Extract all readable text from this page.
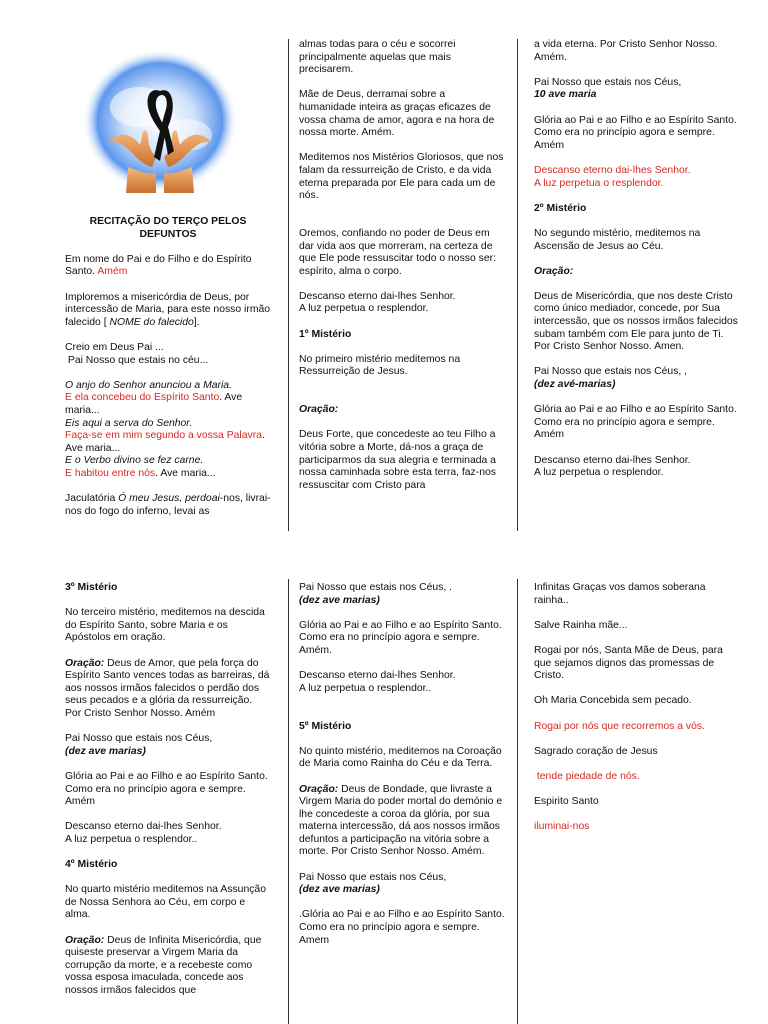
RECITAÇÃO DO TERÇO PELOS DEFUNTOS

Em nome do Pai e do Filho e do Espírito Santo. Amém

Imploremos a misericórdia de Deus, por intercessão de Maria, para este nosso irmão falecido [ NOME do falecido].

Creio em Deus Pai ...
Pai Nosso que estais no céu...

O anjo do Senhor anunciou a Maria.
E ela concebeu do Espírito Santo. Ave maria...
Eis aqui a serva do Senhor.
Faça-se em mim segundo a vossa Palavra. Ave maria...
E o Verbo divino se fez carne.
E habitou entre nós. Ave maria...

Jaculatória Ó meu Jesus, perdoai-nos, livrai-nos do fogo do inferno, levai as

almas todas para o céu e socorrei principalmente aquelas que mais precisarem.

Mãe de Deus, derramai sobre a humanidade inteira as graças eficazes de vossa chama de amor, agora e na hora de nossa morte. Amém.

Meditemos nos Mistérios Gloriosos, que nos falam da ressurreição de Cristo, e da vida eterna preparada por Ele para cada um de nós.

Oremos, confiando no poder de Deus em dar vida aos que morreram, na certeza de que Ele pode ressuscitar todo o nosso ser: espírito, alma o corpo.

Descanso eterno dai-lhes Senhor.
A luz perpetua o resplendor.

1º Mistério

No primeiro mistério meditemos na Ressurreição de Jesus.

Oração:

Deus Forte, que concedeste ao teu Filho a vitória sobre a Morte, dá-nos a graça de participarmos da sua alegria e terminada a nossa caminhada sobre esta terra, faz-nos ressuscitar com Cristo para

a vida eterna. Por Cristo Senhor Nosso. Amém.

Pai Nosso que estais nos Céus,
10 ave maria

Glória ao Pai e ao Filho e ao Espírito Santo.
Como era no princípio agora e sempre. Amém

Descanso eterno dai-lhes Senhor.
A luz perpetua o resplendor.

2º Mistério

No segundo mistério, meditemos na Ascensão de Jesus ao Céu.

Oração:

Deus de Misericórdia, que nos deste Cristo como único mediador, concede, por Sua intercessão, que os nossos irmãos falecidos subam também com Ele para junto de Ti. Por Cristo Senhor Nosso. Amen.

Pai Nosso que estais nos Céus, ,
(dez avé-marias)

Glória ao Pai e ao Filho e ao Espírito Santo.
Como era no princípio agora e sempre. Amém

Descanso eterno dai-lhes Senhor.
A luz perpetua o resplendor.

3º Mistério

No terceiro mistério, meditemos na descida do Espírito Santo, sobre Maria e os Apóstolos em oração.

Oração: Deus de Amor, que pela força do Espírito Santo vences todas as barreiras, dá aos nossos irmãos falecidos o perdão dos seus pecados e a glória da ressurreição. Por Cristo Senhor Nosso. Amém

Pai Nosso que estais nos Céus,
(dez ave marias)

Glória ao Pai e ao Filho e ao Espírito Santo.
Como era no princípio agora e sempre. Amém

Descanso eterno dai-lhes Senhor.
A luz perpetua o resplendor..

4º Mistério

No quarto mistério meditemos na Assunção de Nossa Senhora ao Céu, em corpo e alma.

Oração: Deus de Infinita Misericórdia, que quiseste preservar a Virgem Maria da corrupção da morte, e a recebeste como vossa esposa imaculada, concede aos nossos irmãos falecidos que

Pai Nosso que estais nos Céus, .
(dez ave marias)

Glória ao Pai e ao Filho e ao Espírito Santo.
Como era no princípio agora e sempre. Amém.

Descanso eterno dai-lhes Senhor.
A luz perpetua o resplendor..

5º Mistério

No quinto mistério, meditemos na Coroação de Maria como Rainha do Céu e da Terra.

Oração: Deus de Bondade, que livraste a Virgem Maria do poder mortal do demónio e lhe concedeste a coroa da glória, por sua materna intercessão, dá aos nossos irmãos defuntos a participação na vitória sobre a morte. Por Cristo Senhor Nosso. Amém.

Pai Nosso que estais nos Céus,
(dez ave marias)

.Glória ao Pai e ao Filho e ao Espírito Santo.
Como era no princípio agora e sempre. Amem

Infinitas Graças vos damos soberana rainha..

Salve Rainha mãe...

Rogai por nós, Santa Mãe de Deus, para que sejamos dignos das promessas de Cristo.

Oh Maria Concebida sem pecado.

Rogai por nós que recorremos a vós.

Sagrado coração de Jesus

tende piedade de nós.

Espirito Santo

iluminai-nos
